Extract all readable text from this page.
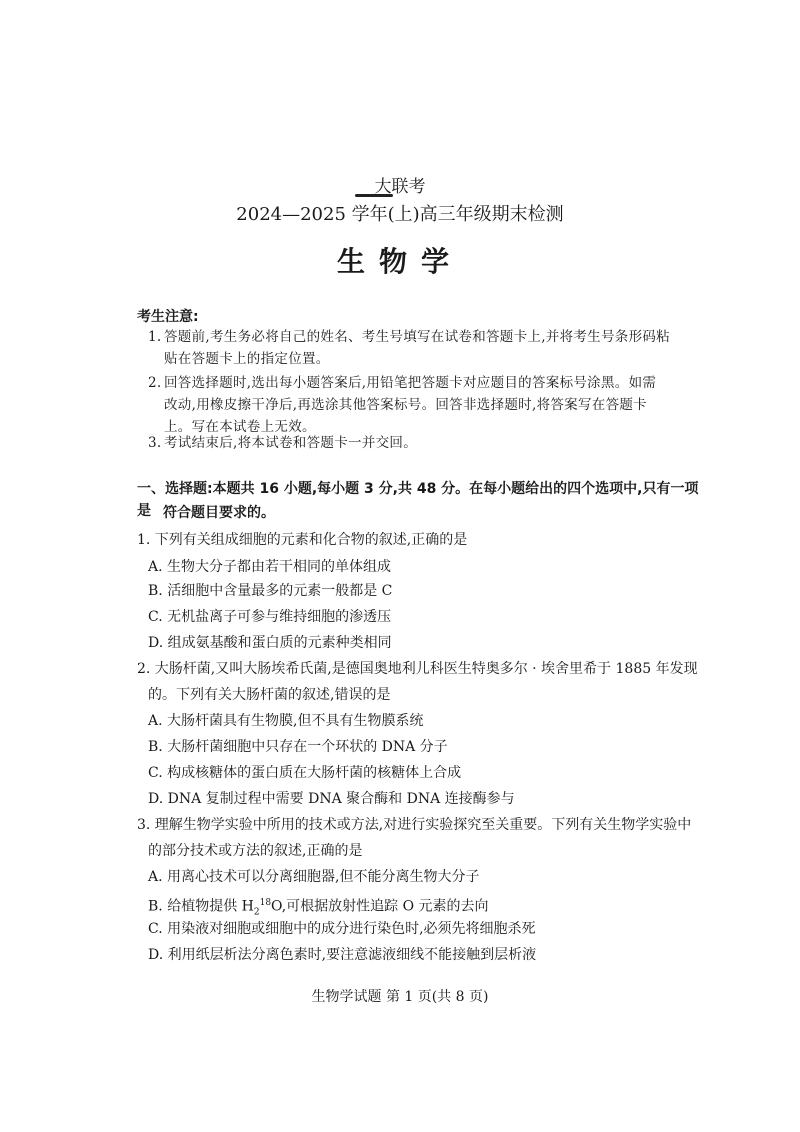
大联考
2024—2025 学年(上)高三年级期末检测
生物学
考生注意:
1. 答题前,考生务必将自己的姓名、考生号填写在试卷和答题卡上,并将考生号条形码粘
贴在答题卡上的指定位置。
2. 回答选择题时,选出每小题答案后,用铅笔把答题卡对应题目的答案标号涂黑。如需
改动,用橡皮擦干净后,再选涂其他答案标号。回答非选择题时,将答案写在答题卡
上。写在本试卷上无效。
3. 考试结束后,将本试卷和答题卡一并交回。
一、选择题:本题共 16 小题,每小题 3 分,共 48 分。在每小题给出的四个选项中,只有一项是 符合题目要求的。
1. 下列有关组成细胞的元素和化合物的叙述,正确的是
A. 生物大分子都由若干相同的单体组成
B. 活细胞中含量最多的元素一般都是 C
C. 无机盐离子可参与维持细胞的渗透压
D. 组成氨基酸和蛋白质的元素种类相同
2. 大肠杆菌,又叫大肠埃希氏菌,是德国奥地利儿科医生特奥多尔 · 埃舍里希于 1885 年发现
的。下列有关大肠杆菌的叙述,错误的是
A. 大肠杆菌具有生物膜,但不具有生物膜系统
B. 大肠杆菌细胞中只存在一个环状的 DNA 分子
C. 构成核糖体的蛋白质在大肠杆菌的核糖体上合成
D. DNA 复制过程中需要 DNA 聚合酶和 DNA 连接酶参与
3. 理解生物学实验中所用的技术或方法,对进行实验探究至关重要。下列有关生物学实验中
的部分技术或方法的叙述,正确的是
A. 用离心技术可以分离细胞器,但不能分离生物大分子
B. 给植物提供 $H_2^{18}O$,可根据放射性追踪 O 元素的去向
C. 用染液对细胞或细胞中的成分进行染色时,必须先将细胞杀死
D. 利用纸层析法分离色素时,要注意滤液细线不能接触到层析液
生物学试题 第 1 页(共 8 页)
